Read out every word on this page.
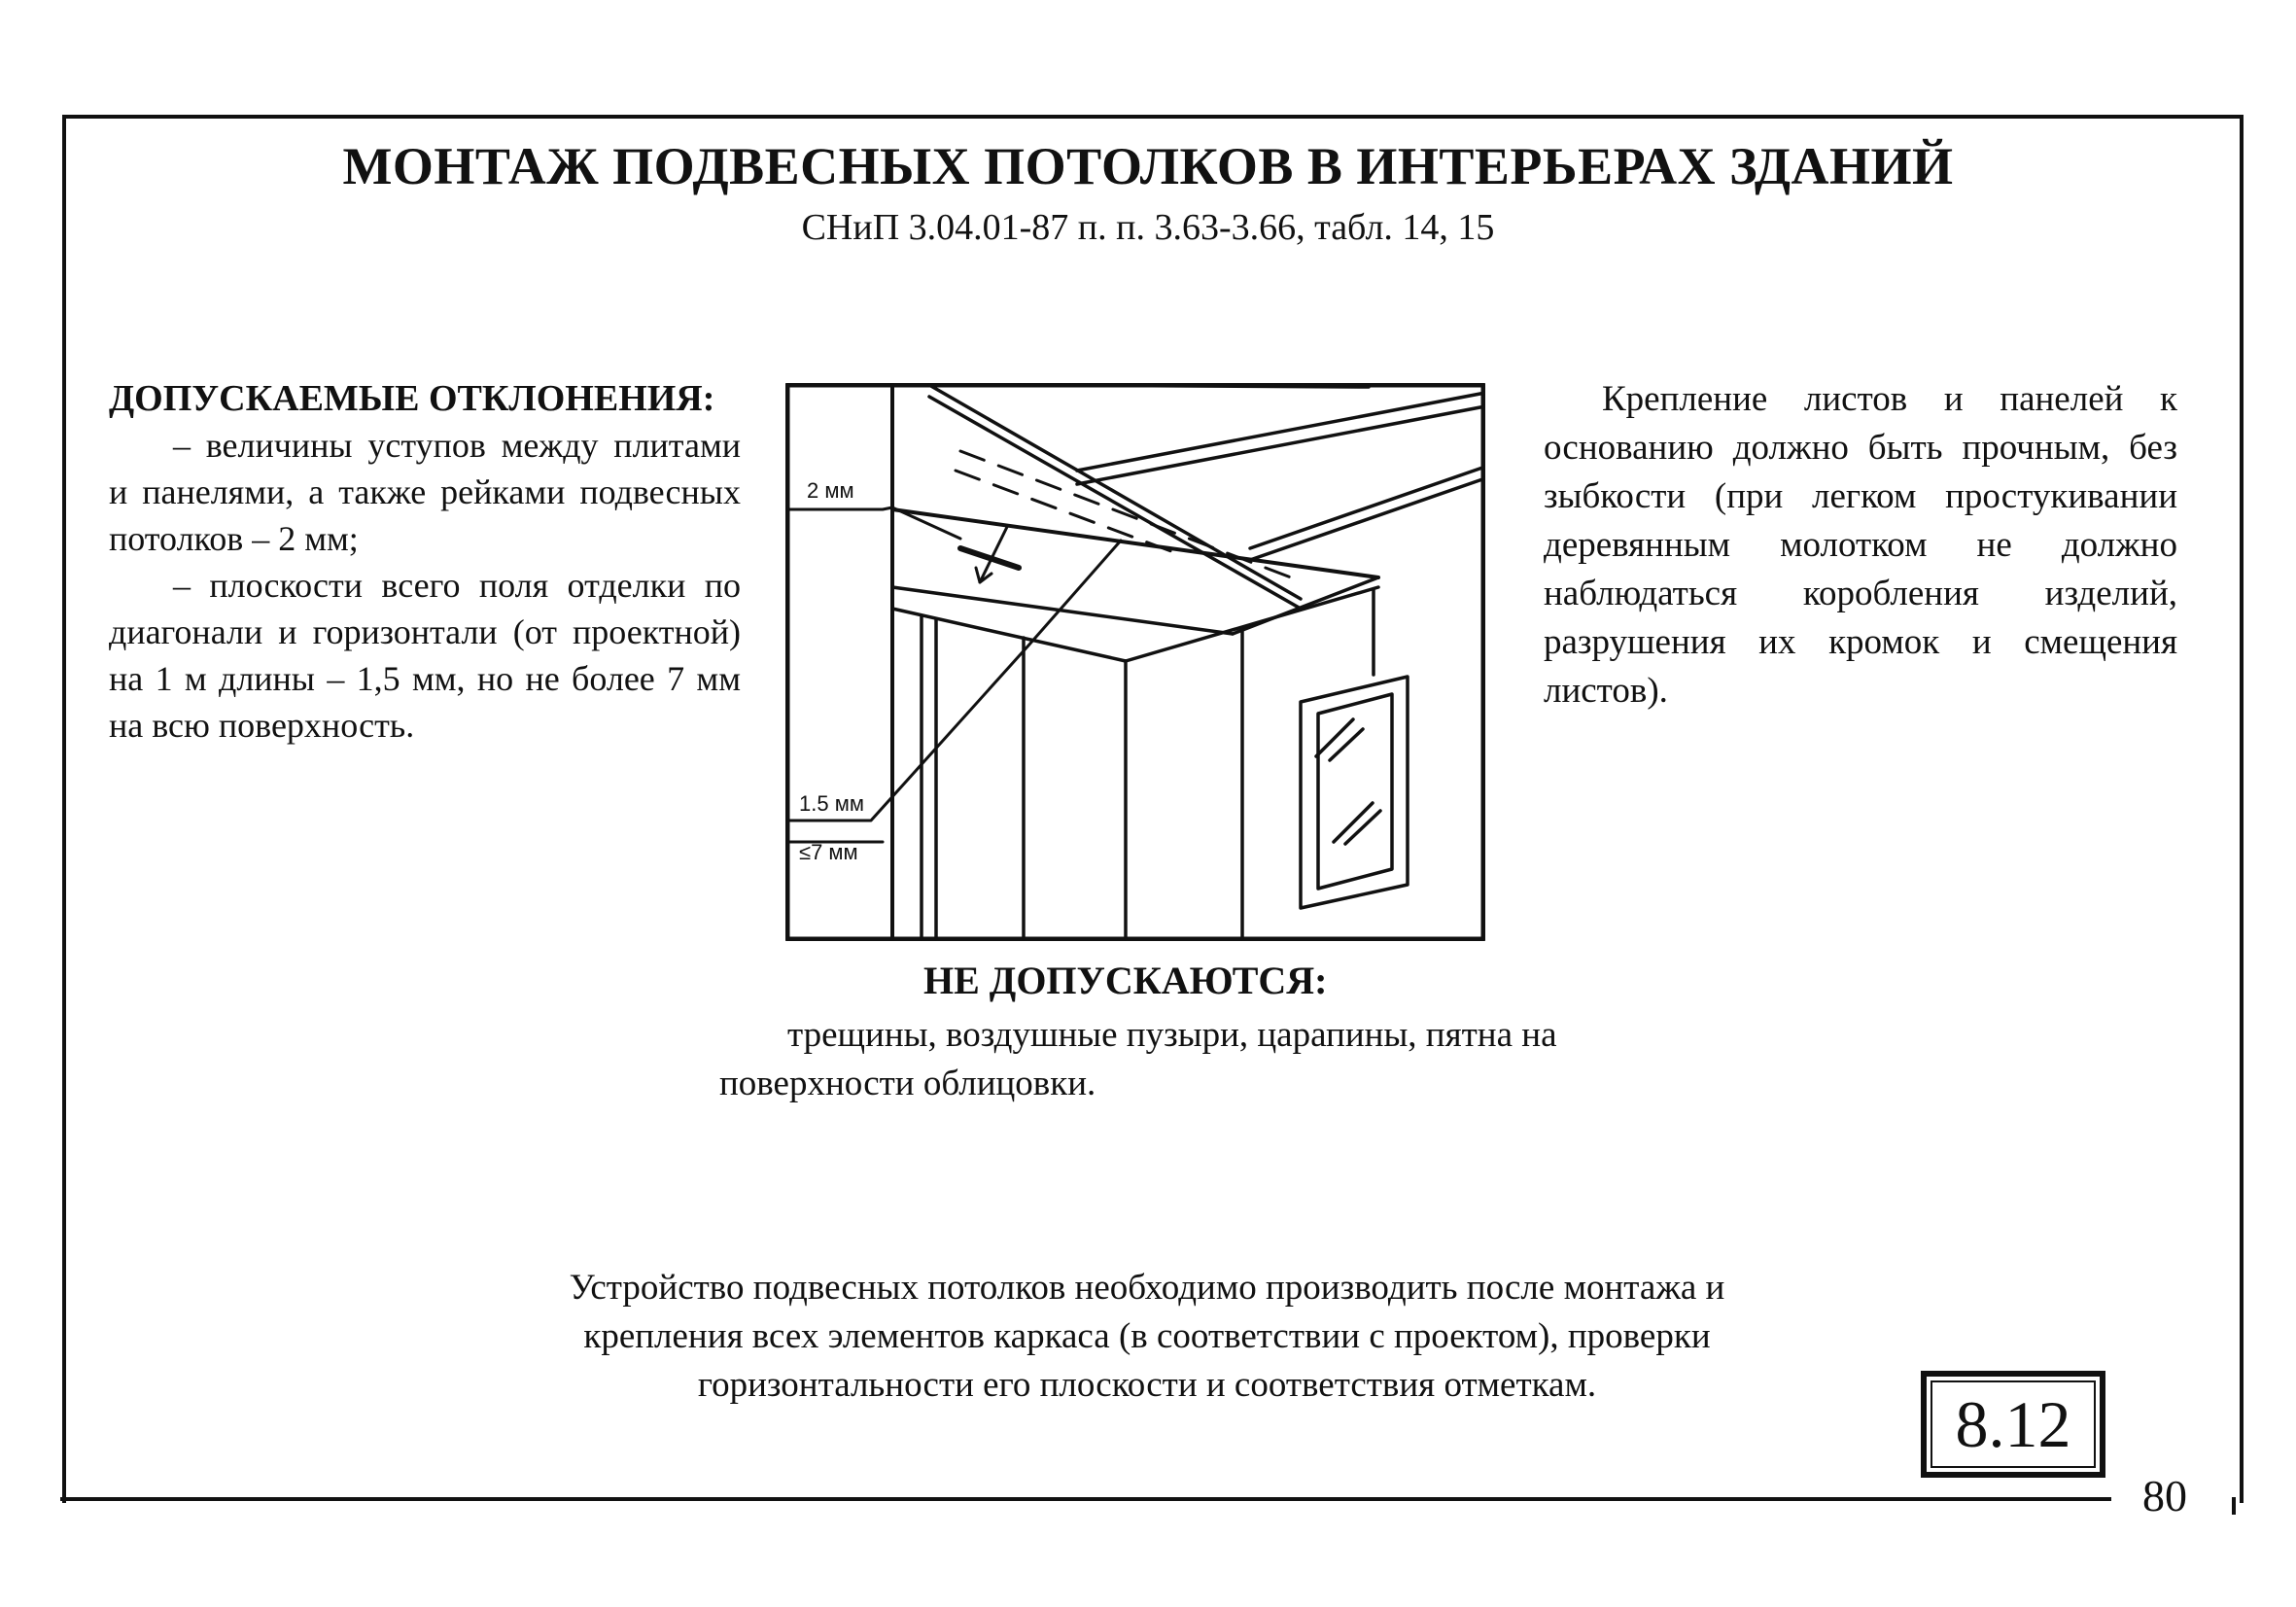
МОНТАЖ ПОДВЕСНЫХ ПОТОЛКОВ В ИНТЕРЬЕРАХ ЗДАНИЙ
СНиП 3.04.01-87 п. п. 3.63-3.66, табл. 14, 15
ДОПУСКАЕМЫЕ ОТКЛОНЕНИЯ:

– величины уступов между плитами и панелями, а также рейками подвесных потолков – 2 мм;

– плоскости всего поля отделки по диагонали и горизонтали (от проектной) на 1 м длины – 1,5 мм, но не более 7 мм на всю поверхность.

2 мм
1.5 мм
≤7 мм
Крепление листов и панелей к основанию должно быть прочным, без зыбкости (при легком простукивании деревянным молотком не должно наблюдаться коробления изделий, разрушения их кромок и смещения листов).
НЕ ДОПУСКАЮТСЯ:
трещины, воздушные пузыри, царапины, пятна на поверхности облицовки.
Устройство подвесных потолков необходимо производить после монтажа и крепления всех элементов каркаса (в соответствии с проектом), проверки горизонтальности его плоскости и соответствия отметкам.
8.12
80
